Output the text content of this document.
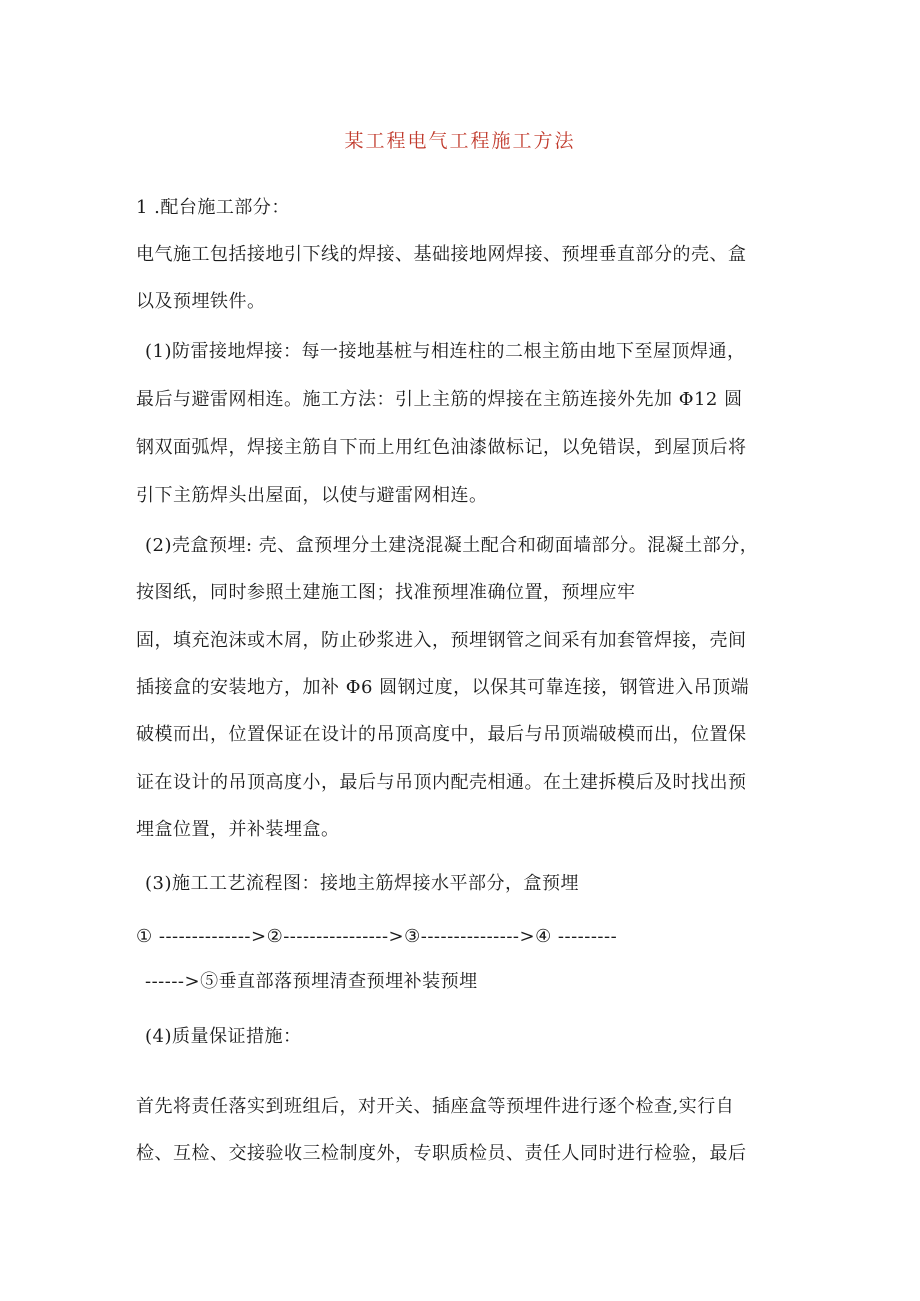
某工程电气工程施工方法
1 .配台施工部分：
电气施工包括接地引下线的焊接、基础接地网焊接、预埋垂直部分的壳、盒
以及预埋铁件。
(1)防雷接地焊接：每一接地基桩与相连柱的二根主筋由地下至屋顶焊通，
最后与避雷网相连。施工方法：引上主筋的焊接在主筋连接外先加 Φ12 圆
钢双面弧焊，焊接主筋自下而上用红色油漆做标记，以免错误，到屋顶后将
引下主筋焊头出屋面，以使与避雷网相连。
(2)壳盒预埋: 壳、盒预埋分土建浇混凝土配合和砌面墙部分。混凝土部分，
按图纸，同时参照土建施工图；找准预埋准确位置，预埋应牢
固，填充泡沫或木屑，防止砂浆进入，预埋钢管之间采有加套管焊接，壳间
插接盒的安装地方，加补 Φ6 圆钢过度，以保其可靠连接，钢管进入吊顶端
破模而出，位置保证在设计的吊顶高度中，最后与吊顶端破模而出，位置保
证在设计的吊顶高度小，最后与吊顶内配壳相通。在土建拆模后及时找出预
埋盒位置，并补装埋盒。
(3)施工工艺流程图：接地主筋焊接水平部分，盒预埋
① -------------->②---------------->③--------------->④ ---------
------>⑤垂直部落预埋清查预埋补装预埋
(4)质量保证措施：
首先将责任落实到班组后，对开关、插座盒等预埋件进行逐个检查,实行自
检、互检、交接验收三检制度外，专职质检员、责任人同时进行检验，最后
